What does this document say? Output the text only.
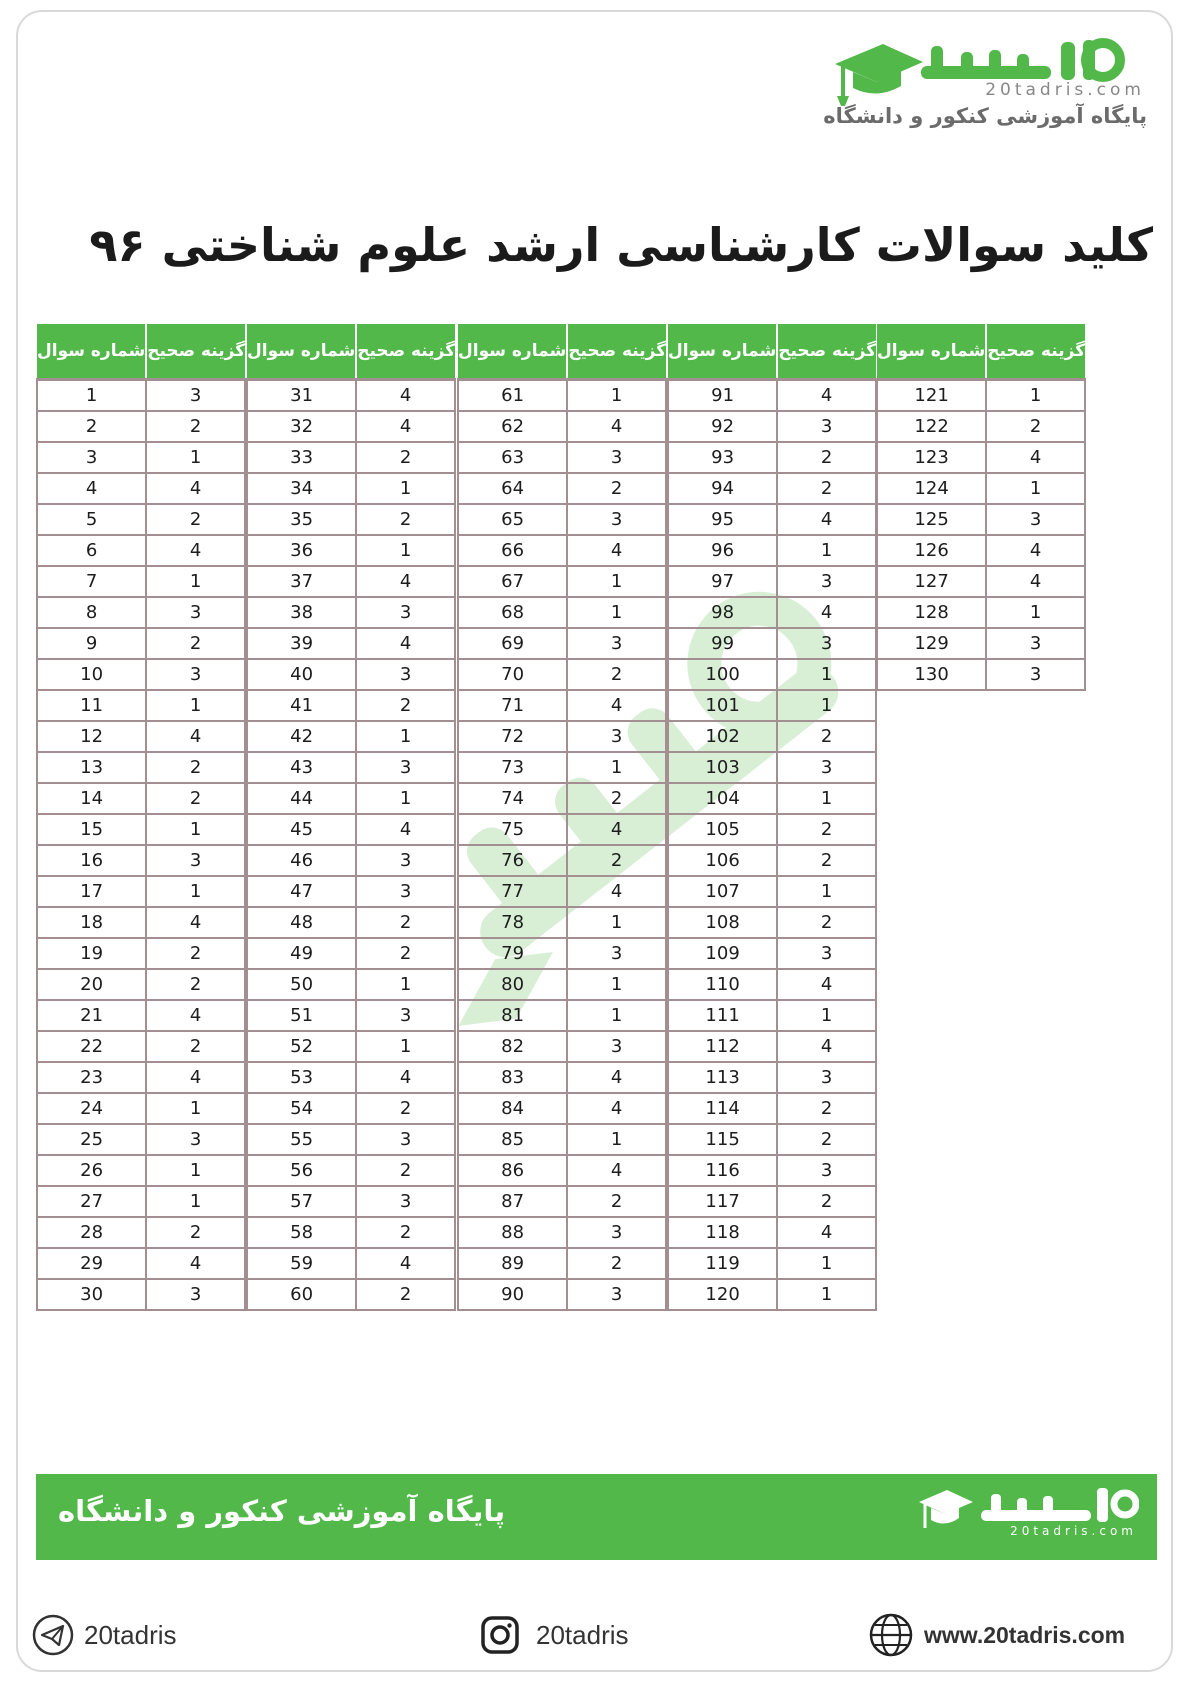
20tadris.com
پایگاه آموزشی کنکور و دانشگاه
کلید سوالات کارشناسی ارشد علوم شناختی ۹۶
شماره سوال	گزینه صحیح
1	3
2	2
3	1
4	4
5	2
6	4
7	1
8	3
9	2
10	3
11	1
12	4
13	2
14	2
15	1
16	3
17	1
18	4
19	2
20	2
21	4
22	2
23	4
24	1
25	3
26	1
27	1
28	2
29	4
30	3
شماره سوال	گزینه صحیح
31	4
32	4
33	2
34	1
35	2
36	1
37	4
38	3
39	4
40	3
41	2
42	1
43	3
44	1
45	4
46	3
47	3
48	2
49	2
50	1
51	3
52	1
53	4
54	2
55	3
56	2
57	3
58	2
59	4
60	2
شماره سوال	گزینه صحیح
61	1
62	4
63	3
64	2
65	3
66	4
67	1
68	1
69	3
70	2
71	4
72	3
73	1
74	2
75	4
76	2
77	4
78	1
79	3
80	1
81	1
82	3
83	4
84	4
85	1
86	4
87	2
88	3
89	2
90	3
شماره سوال	گزینه صحیح
91	4
92	3
93	2
94	2
95	4
96	1
97	3
98	4
99	3
100	1
101	1
102	2
103	3
104	1
105	2
106	2
107	1
108	2
109	3
110	4
111	1
112	4
113	3
114	2
115	2
116	3
117	2
118	4
119	1
120	1
شماره سوال	گزینه صحیح
121	1
122	2
123	4
124	1
125	3
126	4
127	4
128	1
129	3
130	3
پایگاه آموزشی کنکور و دانشگاه
20tadris.com
20tadris	20tadris	www.20tadris.com
